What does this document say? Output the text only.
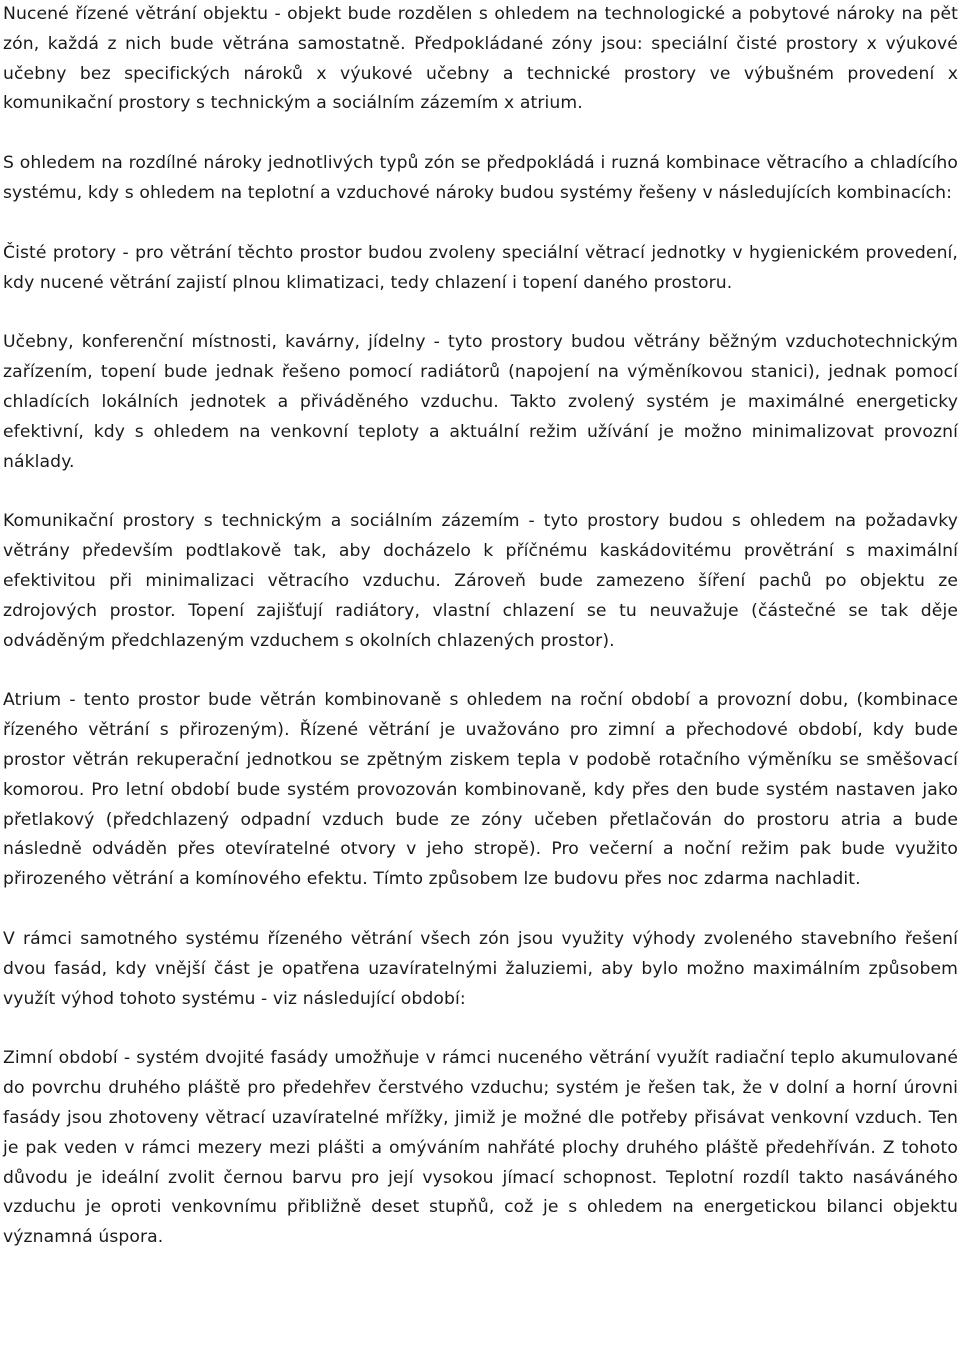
Nucené řízené větrání objektu - objekt bude rozdělen s ohledem na technologické a pobytové nároky na pět zón, každá z nich bude větrána samostatně. Předpokládané zóny jsou: speciální čisté prostory x výukové učebny bez specifických nároků x výukové učebny a technické prostory ve výbušném provedení x komunikační prostory s technickým a sociálním zázemím x atrium.

S ohledem na rozdílné nároky jednotlivých typů zón se předpokládá i ruzná kombinace větracího a chladícího systému, kdy s ohledem na teplotní a vzduchové nároky budou systémy řešeny v následujících kombinacích:

Čisté protory - pro větrání těchto prostor budou zvoleny speciální větrací jednotky v hygienickém provedení, kdy nucené větrání zajistí plnou klimatizaci, tedy chlazení i topení daného prostoru.

Učebny, konferenční místnosti, kavárny, jídelny - tyto prostory budou větrány běžným vzduchotechnickým zařízením, topení bude jednak řešeno pomocí radiátorů (napojení na výměníkovou stanici), jednak pomocí chladících lokálních jednotek a přiváděného vzduchu. Takto zvolený systém je maximálné energeticky efektivní, kdy s ohledem na venkovní teploty a aktuální režim užívání je možno minimalizovat provozní náklady.

Komunikační prostory s technickým a sociálním zázemím - tyto prostory budou s ohledem na požadavky větrány především podtlakově tak, aby docházelo k příčnému kaskádovitému provětrání s maximální efektivitou při minimalizaci větracího vzduchu. Zároveň bude zamezeno šíření pachů po objektu ze zdrojových prostor. Topení zajišťují radiátory, vlastní chlazení se tu neuvažuje (částečné se tak děje odváděným předchlazeným vzduchem s okolních chlazených prostor).

Atrium - tento prostor bude větrán kombinovaně s ohledem na roční období a provozní dobu, (kombinace řízeného větrání s přirozeným). Řízené větrání je uvažováno pro zimní a přechodové období, kdy bude prostor větrán rekuperační jednotkou se zpětným ziskem tepla v podobě rotačního výměníku se směšovací komorou. Pro letní období bude systém provozován kombinovaně, kdy přes den bude systém nastaven jako přetlakový (předchlazený odpadní vzduch bude ze zóny učeben přetlačován do prostoru atria a bude následně odváděn přes otevíratelné otvory v jeho stropě). Pro večerní a noční režim pak bude využito přirozeného větrání a komínového efektu. Tímto způsobem lze budovu přes noc zdarma nachladit.

V rámci samotného systému řízeného větrání všech zón jsou využity výhody zvoleného stavebního řešení dvou fasád, kdy vnější část je opatřena uzavíratelnými žaluziemi, aby bylo možno maximálním způsobem využít výhod tohoto systému - viz následující období:

Zimní období - systém dvojité fasády umožňuje v rámci nuceného větrání využít radiační teplo akumulované do povrchu druhého pláště pro předehřev čerstvého vzduchu; systém je řešen tak, že v dolní a horní úrovni fasády jsou zhotoveny větrací uzavíratelné mřížky, jimiž je možné dle potřeby přisávat venkovní vzduch. Ten je pak veden v rámci mezery mezi plášti a omýváním nahřáté plochy druhého pláště předehříván. Z tohoto důvodu je ideální zvolit černou barvu pro její vysokou jímací schopnost. Teplotní rozdíl takto nasáváného vzduchu je oproti venkovnímu přibližně deset stupňů, což je s ohledem na energetickou bilanci objektu významná úspora.
